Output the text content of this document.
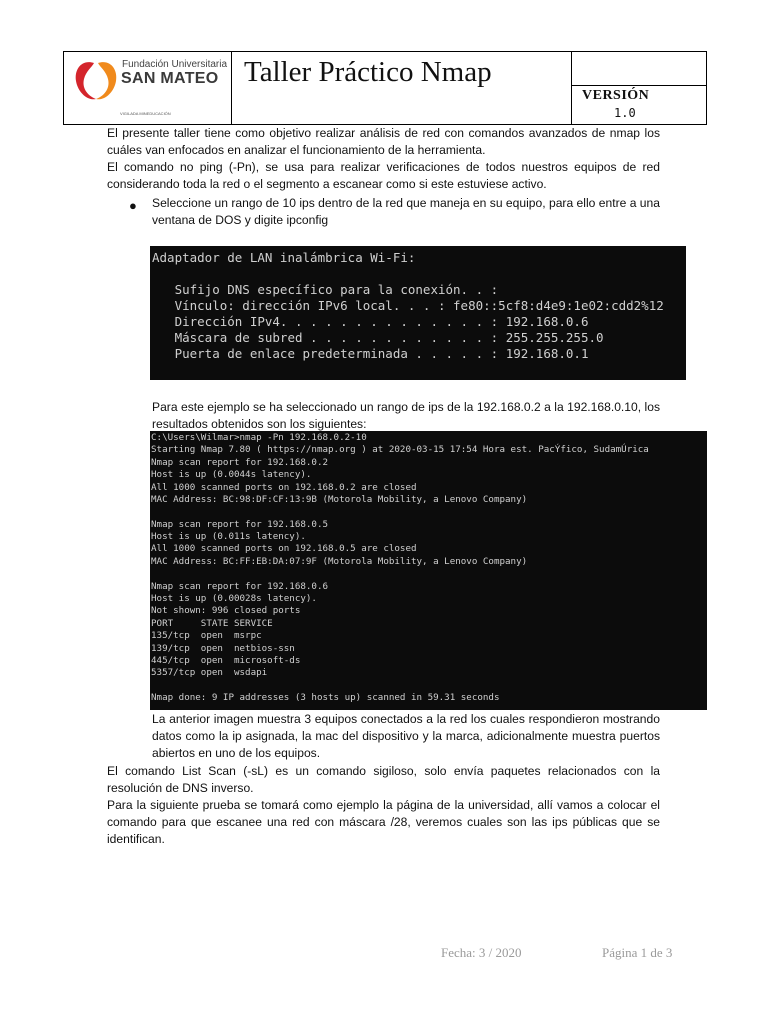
Fundación Universitaria
SAN MATEO
VIGILADA MINEDUCACIÓN
Taller Práctico Nmap
VERSIÓN
1.0
El presente taller tiene como objetivo realizar análisis de red con comandos avanzados de nmap los cuáles van enfocados en analizar el funcionamiento de la herramienta.
El comando no ping (-Pn), se usa para realizar verificaciones de todos nuestros equipos de red considerando toda la red o el segmento a escanear como si este estuviese activo.
● Seleccione un rango de 10 ips dentro de la red que maneja en su equipo, para ello entre a una ventana de DOS y digite ipconfig

Adaptador de LAN inalámbrica Wi-Fi:

Sufijo DNS específico para la conexión. . :

Vínculo: dirección IPv6 local. . . : fe80::5cf8:d4e9:1e02:cdd2%12

Dirección IPv4. . . . . . . . . . . . . . : 192.168.0.6

Máscara de subred . . . . . . . . . . . . : 255.255.255.0

Puerta de enlace predeterminada . . . . . : 192.168.0.1

Para este ejemplo se ha seleccionado un rango de ips de la 192.168.0.2 a la 192.168.0.10, los resultados obtenidos son los siguientes:

C:\Users\Wilmar>nmap -Pn 192.168.0.2-10

Starting Nmap 7.80 ( https://nmap.org ) at 2020-03-15 17:54 Hora est. PacÝfico, SudamÚrica

Nmap scan report for 192.168.0.2

Host is up (0.0044s latency).

All 1000 scanned ports on 192.168.0.2 are closed

MAC Address: BC:98:DF:CF:13:9B (Motorola Mobility, a Lenovo Company)

Nmap scan report for 192.168.0.5

Host is up (0.011s latency).

All 1000 scanned ports on 192.168.0.5 are closed

MAC Address: BC:FF:EB:DA:07:9F (Motorola Mobility, a Lenovo Company)

Nmap scan report for 192.168.0.6

Host is up (0.00028s latency).

Not shown: 996 closed ports

PORT     STATE SERVICE

135/tcp  open  msrpc

139/tcp  open  netbios-ssn

445/tcp  open  microsoft-ds

5357/tcp open  wsdapi

Nmap done: 9 IP addresses (3 hosts up) scanned in 59.31 seconds

La anterior imagen muestra 3 equipos conectados a la red los cuales respondieron mostrando datos como la ip asignada, la mac del dispositivo y la marca, adicionalmente muestra puertos abiertos en uno de los equipos.
El comando List Scan (-sL) es un comando sigiloso, solo envía paquetes relacionados con la resolución de DNS inverso.
Para la siguiente prueba se tomará como ejemplo la página de la universidad, allí vamos a colocar el comando para que escanee una red con máscara /28, veremos cuales son las ips públicas que se identifican.
Fecha: 3 / 2020	Página 1 de 3
